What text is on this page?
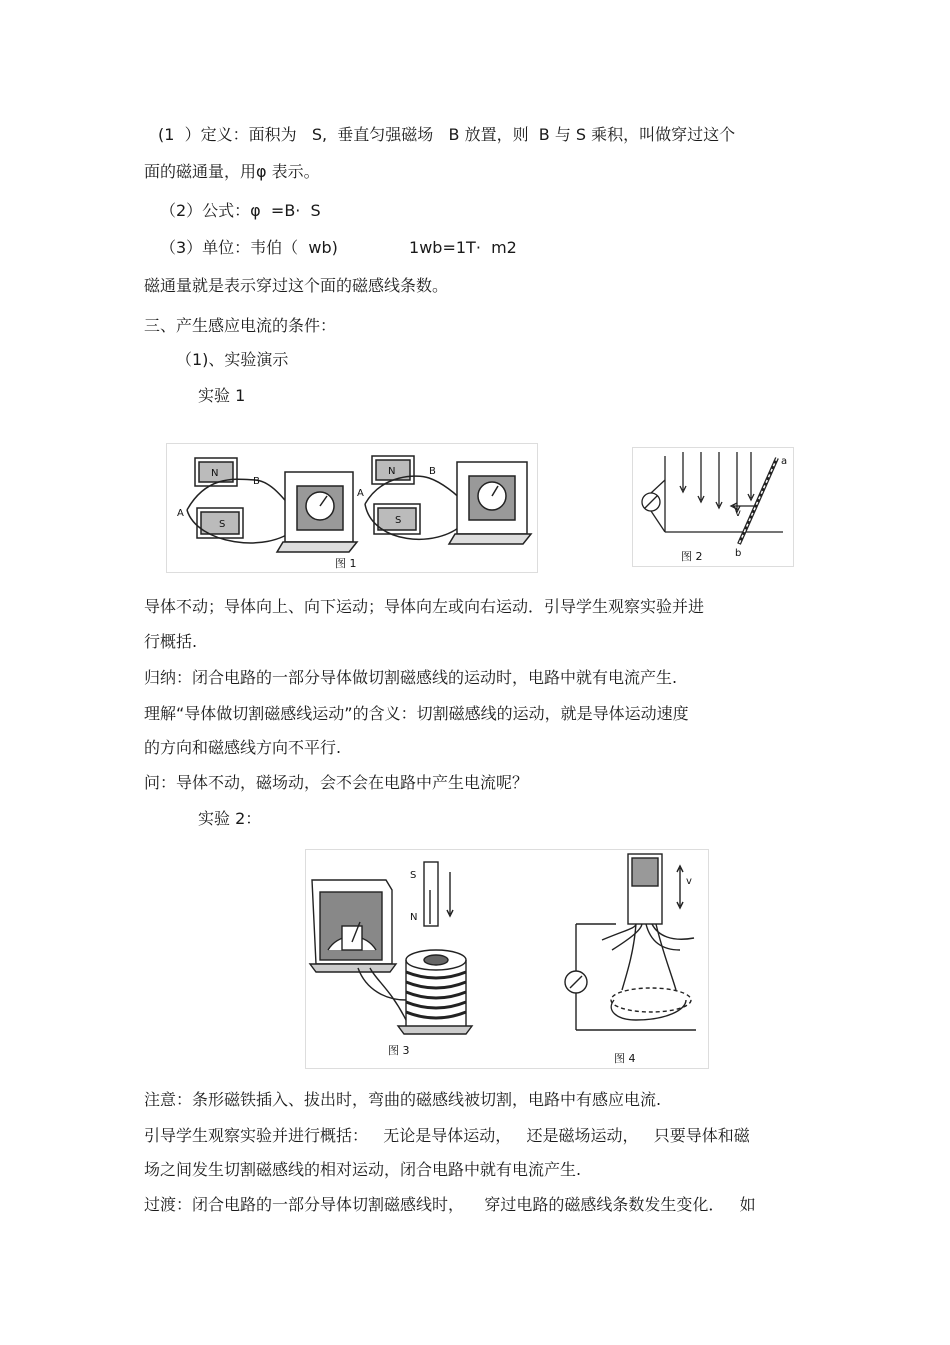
(1  ）定义：面积为   S,  垂直匀强磁场   B 放置，则  B 与 S 乘积，叫做穿过这个
面的磁通量，用φ 表示。
（2）公式：φ  =B·  S
（3）单位：韦伯（  wb)              1wb=1T·  m2
磁通量就是表示穿过这个面的磁感线条数。
三、产生感应电流的条件：
（1)、实验演示
实验 1
N
S
A
B
N
S
A
B
图 1
a
b
v
图 2
导体不动；导体向上、向下运动；导体向左或向右运动．引导学生观察实验并进
行概括.
归纳：闭合电路的一部分导体做切割磁感线的运动时，电路中就有电流产生.
理解“导体做切割磁感线运动”的含义：切割磁感线的运动，就是导体运动速度
的方向和磁感线方向不平行.
问：导体不动，磁场动，会不会在电路中产生电流呢？
实验 2：
S
N
v
图 3
图 4
注意：条形磁铁插入、拔出时，弯曲的磁感线被切割，电路中有感应电流.
引导学生观察实验并进行概括：   无论是导体运动，   还是磁场运动，   只要导体和磁
场之间发生切割磁感线的相对运动，闭合电路中就有电流产生.
过渡：闭合电路的一部分导体切割磁感线时，    穿过电路的磁感线条数发生变化．   如
